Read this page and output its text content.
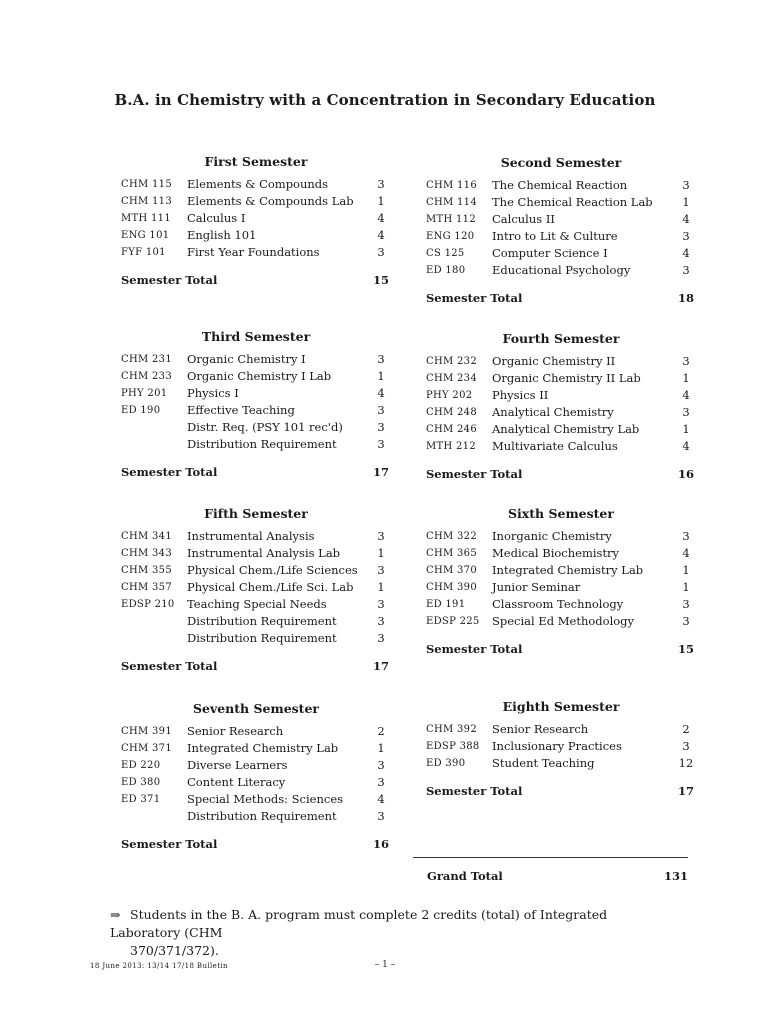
B.A. in Chemistry with a Concentration in Secondary Education
First Semester
CHM 115 Elements & Compounds	3
CHM 113 Elements & Compounds Lab	1
MTH 111 Calculus I	4
ENG 101 English 101	4
FYF 101 First Year Foundations	3
Semester Total	15
Second Semester
CHM 116 The Chemical Reaction	3
CHM 114 The Chemical Reaction Lab	1
MTH 112 Calculus II	4
ENG 120 Intro to Lit & Culture	3
CS 125 Computer Science I	4
ED 180 Educational Psychology	3
Semester Total	18
Third Semester
CHM 231 Organic Chemistry I	3
CHM 233 Organic Chemistry I Lab	1
PHY 201 Physics I	4
ED 190 Effective Teaching	3
Distr. Req. (PSY 101 rec'd)	3
Distribution Requirement	3
Semester Total	17
Fourth Semester
CHM 232 Organic Chemistry II	3
CHM 234 Organic Chemistry II Lab	1
PHY 202 Physics II	4
CHM 248 Analytical Chemistry	3
CHM 246 Analytical Chemistry Lab	1
MTH 212 Multivariate Calculus	4
Semester Total	16
Fifth Semester
CHM 341 Instrumental Analysis	3
CHM 343 Instrumental Analysis Lab	1
CHM 355 Physical Chem./Life Sciences	3
CHM 357 Physical Chem./Life Sci. Lab	1
EDSP 210 Teaching Special Needs	3
Distribution Requirement	3
Distribution Requirement	3
Semester Total	17
Sixth Semester
CHM 322 Inorganic Chemistry	3
CHM 365 Medical Biochemistry	4
CHM 370 Integrated Chemistry Lab	1
CHM 390 Junior Seminar	1
ED 191 Classroom Technology	3
EDSP 225 Special Ed Methodology	3
Semester Total	15
Seventh Semester
CHM 391 Senior Research	2
CHM 371 Integrated Chemistry Lab	1
ED 220 Diverse Learners	3
ED 380 Content Literacy	3
ED 371 Special Methods: Sciences	4
Distribution Requirement	3
Semester Total	16
Eighth Semester
CHM 392 Senior Research	2
EDSP 388 Inclusionary Practices	3
ED 390 Student Teaching	12
Semester Total	17
Grand Total	131
⇒ Students in the B. A. program must complete 2 credits (total) of Integrated Laboratory (CHM
370/371/372).
18 June 2013: 13/14 17/18 Bulletin	– 1 –
